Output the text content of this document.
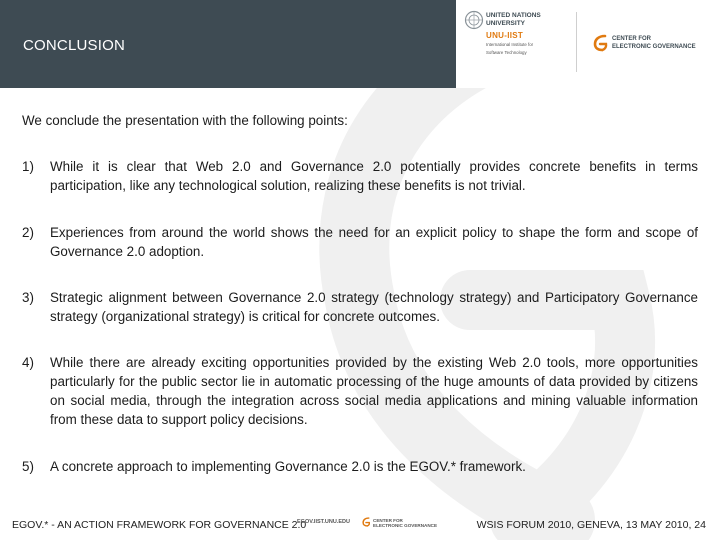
CONCLUSION
UNITED NATIONS
UNIVERSITY
UNU-IIST
International Institute for
Software Technology
CENTER FOR
ELECTRONIC GOVERNANCE
We conclude the presentation with the following points:
1)	While it is clear that Web 2.0 and Governance 2.0 potentially provides concrete benefits in terms participation, like any technological solution, realizing these benefits is not trivial.
2)	Experiences from around the world shows the need for an explicit policy to shape the form and scope of Governance 2.0 adoption.
3)	Strategic alignment between Governance 2.0 strategy (technology strategy) and Participatory Governance strategy (organizational strategy) is critical for concrete outcomes.
4)	While there are already exciting opportunities provided by the existing Web 2.0 tools, more opportunities particularly for the public sector lie in automatic processing of the huge amounts of data provided by citizens on social media, through the integration across social media applications and mining valuable information from these data to support policy decisions.
5)	A concrete approach to implementing Governance 2.0 is the EGOV.* framework.
EGOV.* - AN ACTION FRAMEWORK FOR GOVERNANCE 2.0
EGOV.IIST.UNU.EDU	CENTER FOR
ELECTRONIC GOVERNANCE	WSIS FORUM 2010, GENEVA, 13 MAY 2010, 24
